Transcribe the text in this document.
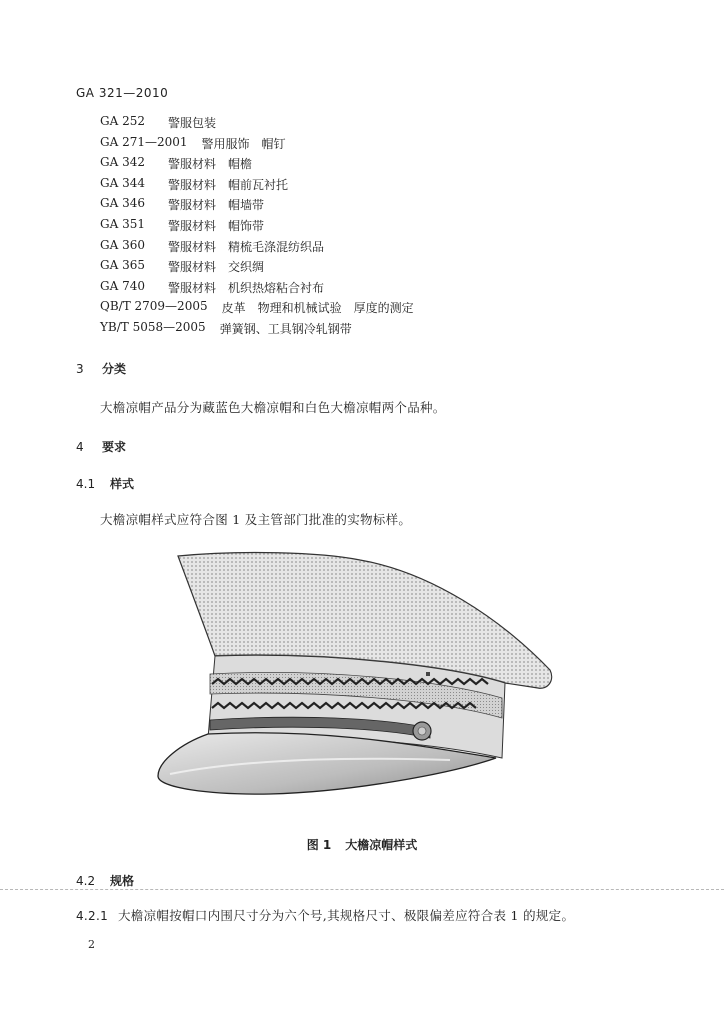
GA 321—2010
GA 252	警服包装
GA 271—2001 警用服饰　帽钉
GA 342	警服材料　帽檐
GA 344	警服材料　帽前瓦衬托
GA 346	警服材料　帽墙带
GA 351	警服材料　帽饰带
GA 360	警服材料　精梳毛涤混纺织品
GA 365	警服材料　交织绸
GA 740	警服材料　机织热熔粘合衬布
QB/T 2709—2005 皮革　物理和机械试验　厚度的测定
YB/T 5058—2005 弹簧钢、工具钢冷轧钢带
3 分类
大檐凉帽产品分为藏蓝色大檐凉帽和白色大檐凉帽两个品种。
4 要求
4.1 样式
大檐凉帽样式应符合图 1 及主管部门批准的实物标样。
图 1 大檐凉帽样式
4.2 规格
4.2.1 大檐凉帽按帽口内围尺寸分为六个号,其规格尺寸、极限偏差应符合表 1 的规定。
2
